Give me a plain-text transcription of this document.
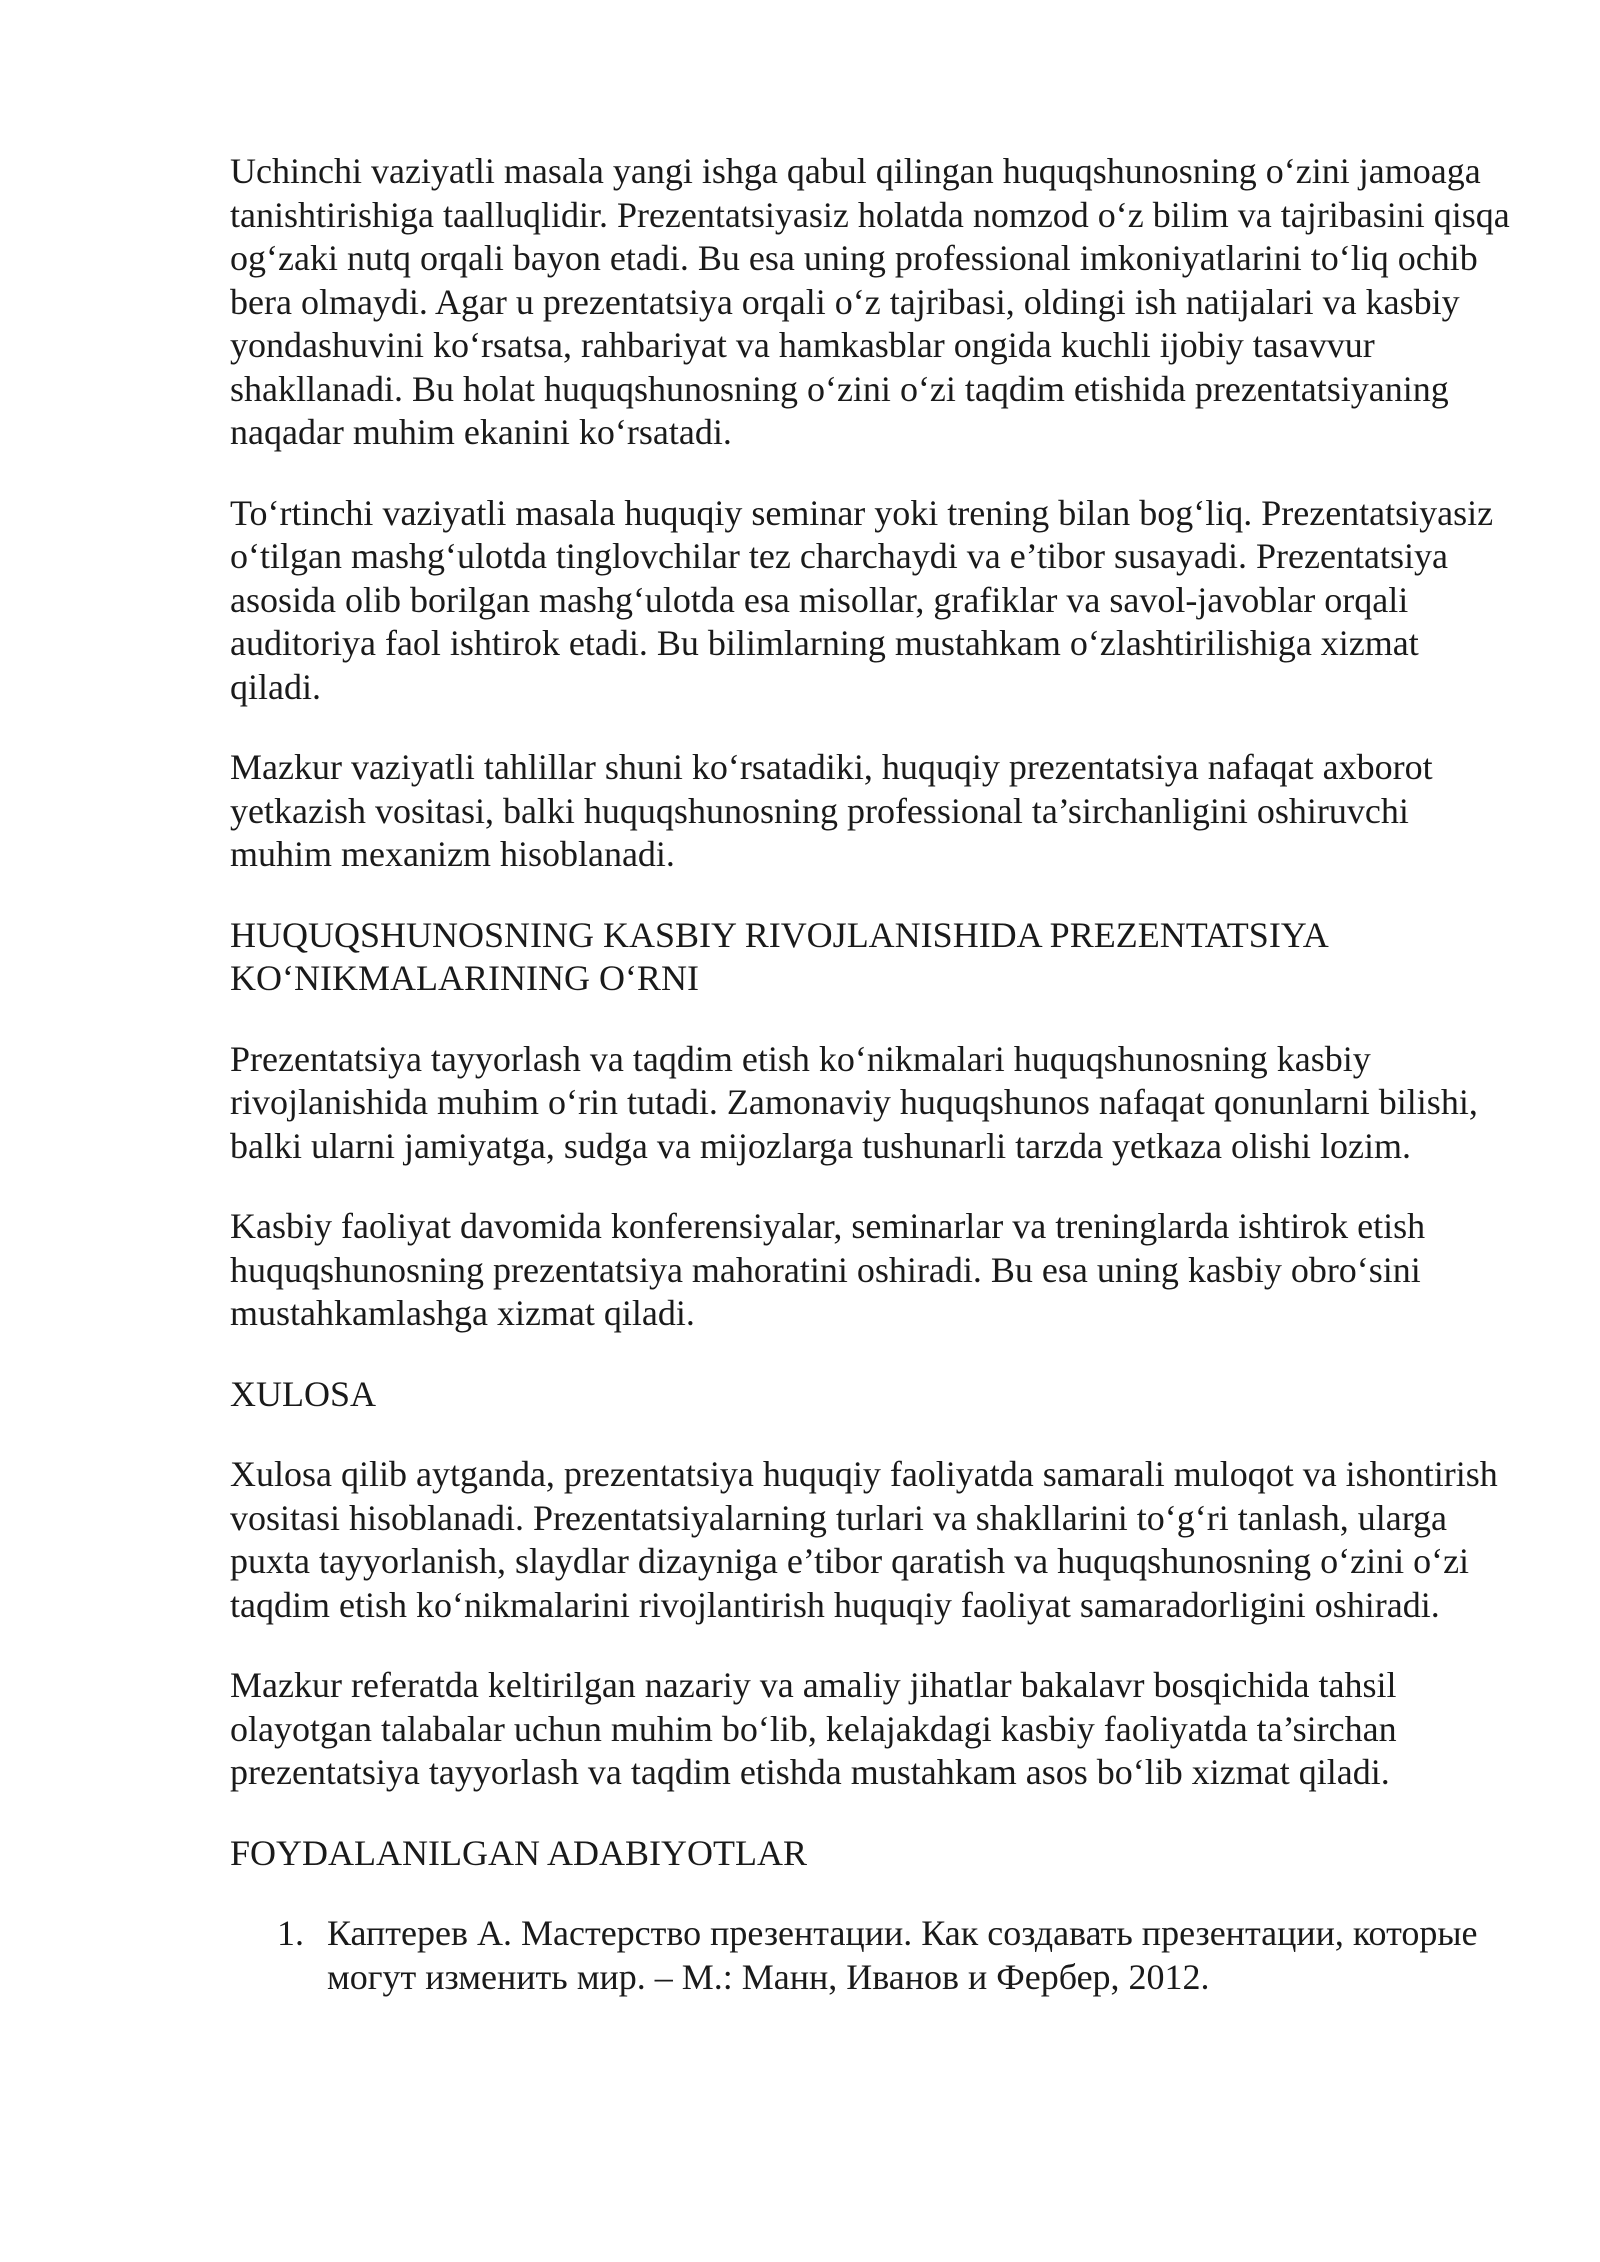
Uchinchi vaziyatli masala yangi ishga qabul qilingan huquqshunosning o‘zini jamoaga tanishtirishiga taalluqlidir. Prezentatsiyasiz holatda nomzod o‘z bilim va tajribasini qisqa og‘zaki nutq orqali bayon etadi. Bu esa uning professional imkoniyatlarini to‘liq ochib bera olmaydi. Agar u prezentatsiya orqali o‘z tajribasi, oldingi ish natijalari va kasbiy yondashuvini ko‘rsatsa, rahbariyat va hamkasblar ongida kuchli ijobiy tasavvur shakllanadi. Bu holat huquqshunosning o‘zini o‘zi taqdim etishida prezentatsiyaning naqadar muhim ekanini ko‘rsatadi.

To‘rtinchi vaziyatli masala huquqiy seminar yoki trening bilan bog‘liq. Prezentatsiyasiz o‘tilgan mashg‘ulotda tinglovchilar tez charchaydi va e’tibor susayadi. Prezentatsiya asosida olib borilgan mashg‘ulotda esa misollar, grafiklar va savol-javoblar orqali auditoriya faol ishtirok etadi. Bu bilimlarning mustahkam o‘zlashtirilishiga xizmat qiladi.

Mazkur vaziyatli tahlillar shuni ko‘rsatadiki, huquqiy prezentatsiya nafaqat axborot yetkazish vositasi, balki huquqshunosning professional ta’sirchanligini oshiruvchi muhim mexanizm hisoblanadi.

HUQUQSHUNOSNING KASBIY RIVOJLANISHIDA PREZENTATSIYA KO‘NIKMALARINING O‘RNI

Prezentatsiya tayyorlash va taqdim etish ko‘nikmalari huquqshunosning kasbiy rivojlanishida muhim o‘rin tutadi. Zamonaviy huquqshunos nafaqat qonunlarni bilishi, balki ularni jamiyatga, sudga va mijozlarga tushunarli tarzda yetkaza olishi lozim.

Kasbiy faoliyat davomida konferensiyalar, seminarlar va treninglarda ishtirok etish huquqshunosning prezentatsiya mahoratini oshiradi. Bu esa uning kasbiy obro‘sini mustahkamlashga xizmat qiladi.

XULOSA

Xulosa qilib aytganda, prezentatsiya huquqiy faoliyatda samarali muloqot va ishontirish vositasi hisoblanadi. Prezentatsiyalarning turlari va shakllarini to‘g‘ri tanlash, ularga puxta tayyorlanish, slaydlar dizayniga e’tibor qaratish va huquqshunosning o‘zini o‘zi taqdim etish ko‘nikmalarini rivojlantirish huquqiy faoliyat samaradorligini oshiradi.

Mazkur referatda keltirilgan nazariy va amaliy jihatlar bakalavr bosqichida tahsil olayotgan talabalar uchun muhim bo‘lib, kelajakdagi kasbiy faoliyatda ta’sirchan prezentatsiya tayyorlash va taqdim etishda mustahkam asos bo‘lib xizmat qiladi.

FOYDALANILGAN ADABIYOTLAR

1. Каптерев А. Мастерство презентации. Как создавать презентации, которые могут изменить мир. – М.: Манн, Иванов и Фербер, 2012.
